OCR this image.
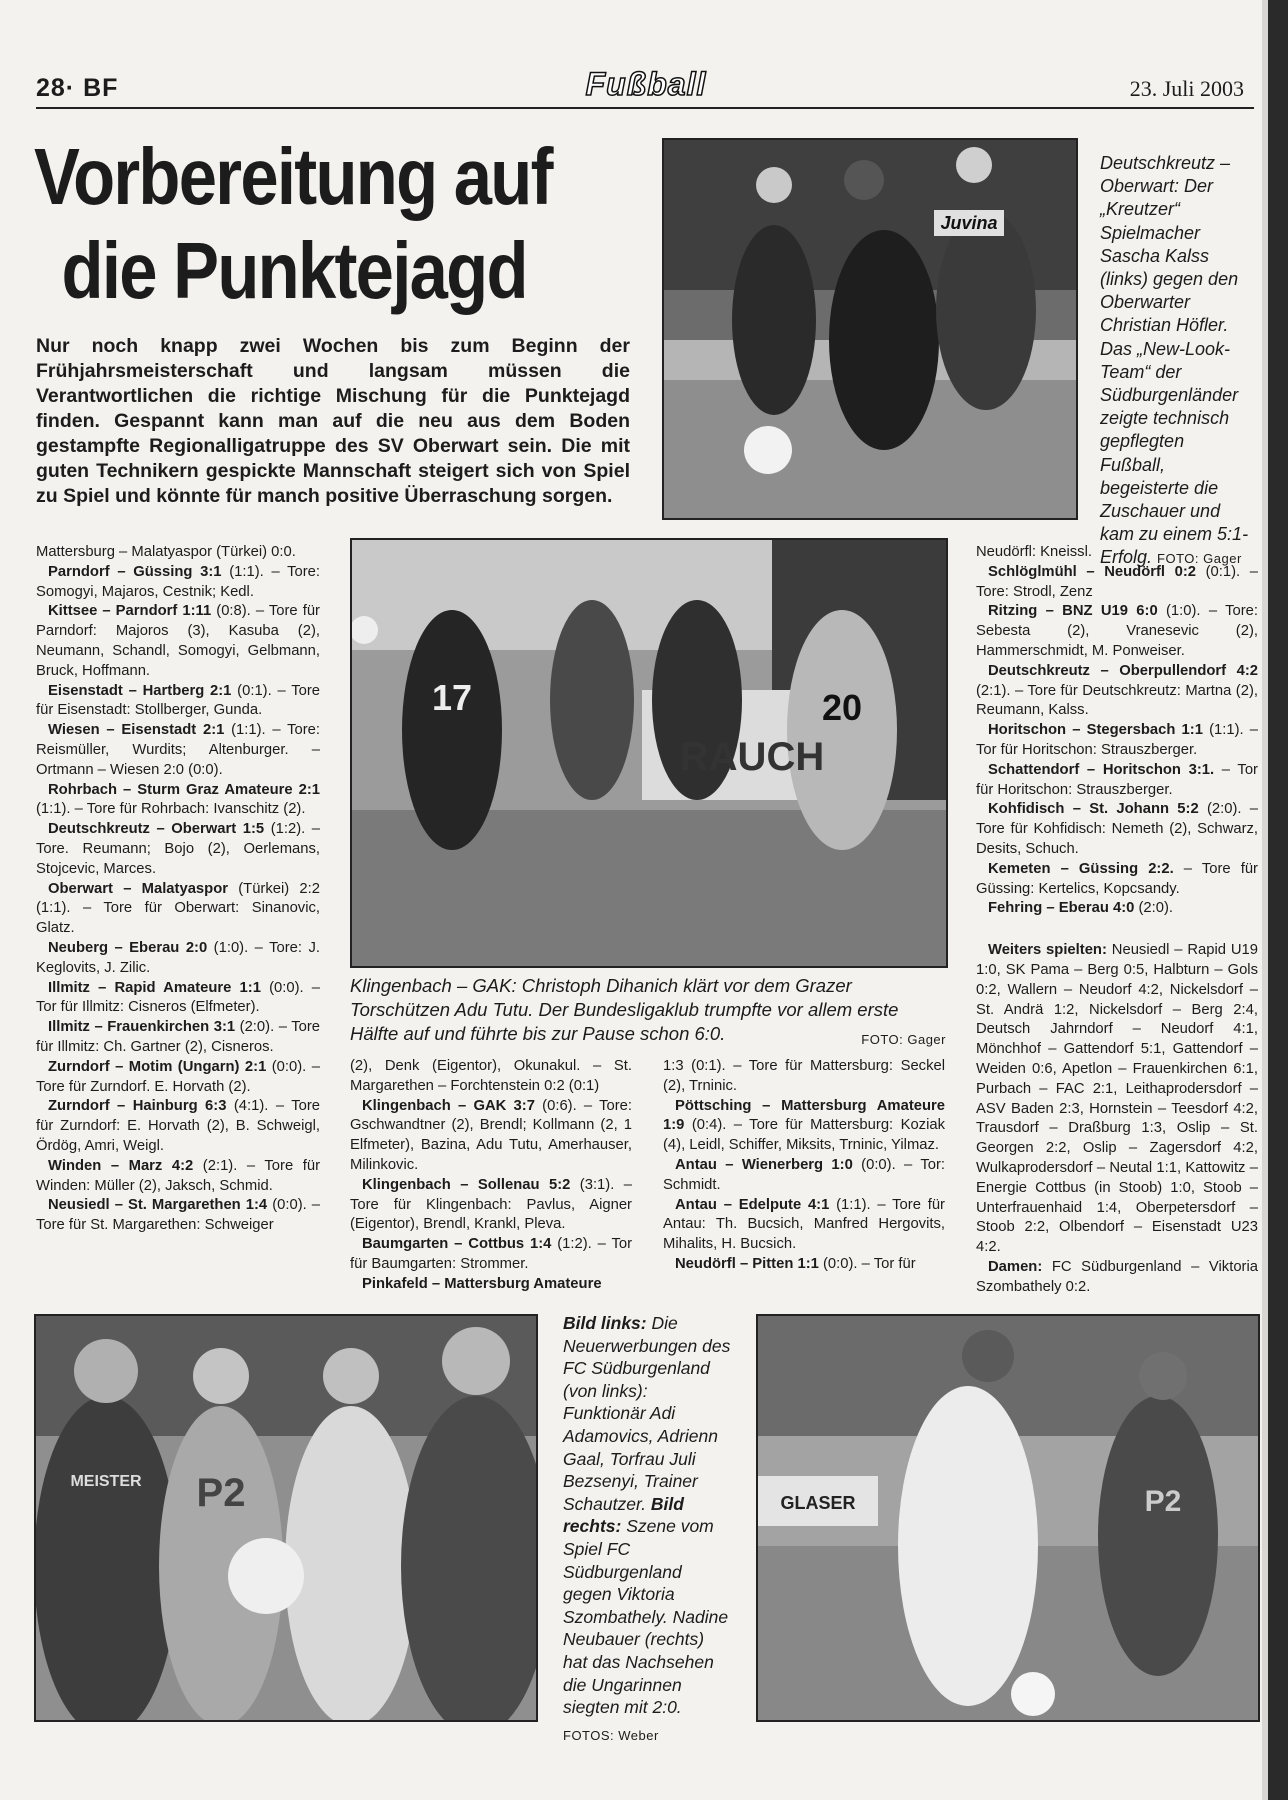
28· BF	Fußball	23. Juli 2003
Vorbereitung auf
die Punktejagd
Nur noch knapp zwei Wochen bis zum Beginn der Frühjahrsmeisterschaft und langsam müssen die Verantwortlichen die richtige Mischung für die Punktejagd finden. Gespannt kann man auf die neu aus dem Boden gestampfte Regionalligatruppe des SV Oberwart sein. Die mit guten Technikern gespickte Mannschaft steigert sich von Spiel zu Spiel und könnte für manch positive Überraschung sorgen.
Juvina
Deutschkreutz – Oberwart: Der „Kreutzer“ Spielmacher Sascha Kalss (links) gegen den Oberwarter Christian Höfler. Das „New-Look-Team“ der Südburgenländer zeigte technisch gepflegten Fußball, begeisterte die Zuschauer und kam zu einem 5:1-Erfolg. FOTO: Gager
17	20
RAUCH
Klingenbach – GAK: Christoph Dihanich klärt vor dem Grazer Torschützen Adu Tutu. Der Bundesligaklub trumpfte vor allem erste Hälfte auf und führte bis zur Pause schon 6:0.	FOTO: Gager

Mattersburg – Malatyaspor (Türkei) 0:0.

Parndorf – Güssing 3:1 (1:1). – Tore: Somogyi, Majaros, Cestnik; Kedl.

Kittsee – Parndorf 1:11 (0:8). – Tore für Parndorf: Majoros (3), Kasuba (2), Neumann, Schandl, Somogyi, Gelbmann, Bruck, Hoffmann.

Eisenstadt – Hartberg 2:1 (0:1). – Tore für Eisenstadt: Stollberger, Gunda.

Wiesen – Eisenstadt 2:1 (1:1). – Tore: Reismüller, Wurdits; Altenburger. – Ortmann – Wiesen 2:0 (0:0).

Rohrbach – Sturm Graz Amateure 2:1 (1:1). – Tore für Rohrbach: Ivanschitz (2).

Deutschkreutz – Oberwart 1:5 (1:2). – Tore. Reumann; Bojo (2), Oerlemans, Stojcevic, Marces.

Oberwart – Malatyaspor (Türkei) 2:2 (1:1). – Tore für Oberwart: Sinanovic, Glatz.

Neuberg – Eberau 2:0 (1:0). – Tore: J. Keglovits, J. Zilic.

Illmitz – Rapid Amateure 1:1 (0:0). – Tor für Illmitz: Cisneros (Elfmeter).

Illmitz – Frauenkirchen 3:1 (2:0). – Tore für Illmitz: Ch. Gartner (2), Cisneros.

Zurndorf – Motim (Ungarn) 2:1 (0:0). – Tore für Zurndorf. E. Horvath (2).

Zurndorf – Hainburg 6:3 (4:1). – Tore für Zurndorf: E. Horvath (2), B. Schweigl, Ördög, Amri, Weigl.

Winden – Marz 4:2 (2:1). – Tore für Winden: Müller (2), Jaksch, Schmid.

Neusiedl – St. Margarethen 1:4 (0:0). – Tore für St. Margarethen: Schweiger

(2), Denk (Eigentor), Okunakul. – St. Margarethen – Forchtenstein 0:2 (0:1)

Klingenbach – GAK 3:7 (0:6). – Tore: Gschwandtner (2), Brendl; Kollmann (2, 1 Elfmeter), Bazina, Adu Tutu, Amerhauser, Milinkovic.

Klingenbach – Sollenau 5:2 (3:1). – Tore für Klingenbach: Pavlus, Aigner (Eigentor), Brendl, Krankl, Pleva.

Baumgarten – Cottbus 1:4 (1:2). – Tor für Baumgarten: Strommer.

Pinkafeld – Mattersburg Amateure

1:3 (0:1). – Tore für Mattersburg: Seckel (2), Trninic.

Pöttsching – Mattersburg Amateure 1:9 (0:4). – Tore für Mattersburg: Koziak (4), Leidl, Schiffer, Miksits, Trninic, Yilmaz.

Antau – Wienerberg 1:0 (0:0). – Tor: Schmidt.

Antau – Edelpute 4:1 (1:1). – Tore für Antau: Th. Bucsich, Manfred Hergovits, Mihalits, H. Bucsich.

Neudörfl – Pitten 1:1 (0:0). – Tor für

Neudörfl: Kneissl.

Schlöglmühl – Neudörfl 0:2 (0:1). – Tore: Strodl, Zenz

Ritzing – BNZ U19 6:0 (1:0). – Tore: Sebesta (2), Vranesevic (2), Hammerschmidt, M. Ponweiser.

Deutschkreutz – Oberpullendorf 4:2 (2:1). – Tore für Deutschkreutz: Martna (2), Reumann, Kalss.

Horitschon – Stegersbach 1:1 (1:1). – Tor für Horitschon: Strauszberger.

Schattendorf – Horitschon 3:1. – Tor für Horitschon: Strauszberger.

Kohfidisch – St. Johann 5:2 (2:0). – Tore für Kohfidisch: Nemeth (2), Schwarz, Desits, Schuch.

Kemeten – Güssing 2:2. – Tore für Güssing: Kertelics, Kopcsandy.

Fehring – Eberau 4:0 (2:0).

Weiters spielten: Neusiedl – Rapid U19 1:0, SK Pama – Berg 0:5, Halbturn – Gols 0:2, Wallern – Neudorf 4:2, Nickelsdorf – St. Andrä 1:2, Nickelsdorf – Berg 2:4, Deutsch Jahrndorf – Neudorf 4:1, Mönchhof – Gattendorf 5:1, Gattendorf – Weiden 0:6, Apetlon – Frauenkirchen 6:1, Purbach – FAC 2:1, Leithaprodersdorf – ASV Baden 2:3, Hornstein – Teesdorf 4:2, Trausdorf – Draßburg 1:3, Oslip – St. Georgen 2:2, Oslip – Zagersdorf 4:2, Wulkaprodersdorf – Neutal 1:1, Kattowitz – Energie Cottbus (in Stoob) 1:0, Stoob – Unterfrauenhaid 1:4, Oberpetersdorf – Stoob 2:2, Olbendorf – Eisenstadt U23 4:2.

Damen: FC Südburgenland – Viktoria Szombathely 0:2.

P2
MEISTER
Bild links: Die Neuerwerbungen des FC Südburgenland (von links): Funktionär Adi Adamovics, Adrienn Gaal, Torfrau Juli Bezsenyi, Trainer Schautzer. Bild rechts: Szene vom Spiel FC Südburgenland gegen Viktoria Szombathely. Nadine Neubauer (rechts) hat das Nachsehen die Ungarinnen siegten mit 2:0.
FOTOS: Weber
GLASER	P2
